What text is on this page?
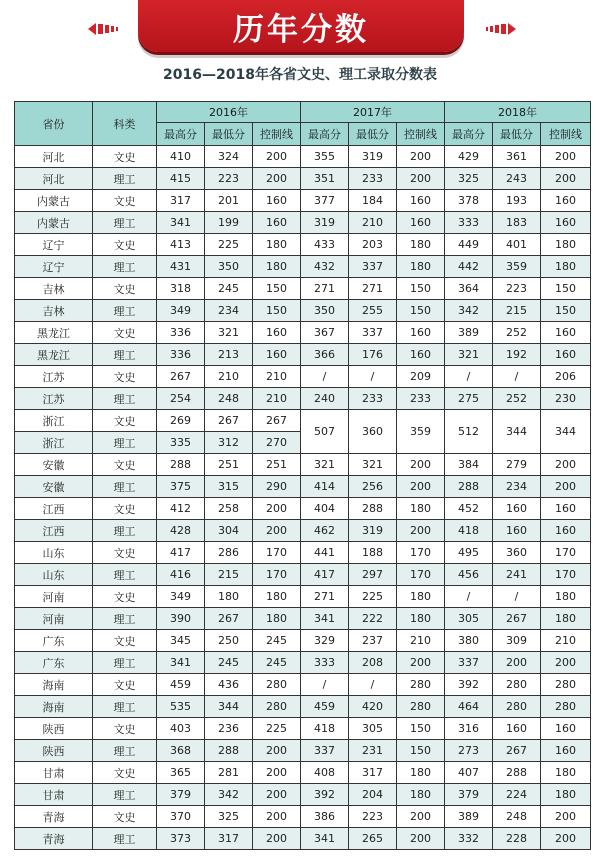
历年分数
2016—2018年各省文史、理工录取分数表
省份	科类	2016年			2017年			2018年		
		最高分	最低分	控制线	最高分	最低分	控制线	最高分	最低分	控制线
河北	文史	410	324	200	355	319	200	429	361	200
河北	理工	415	223	200	351	233	200	325	243	200
内蒙古	文史	317	201	160	377	184	160	378	193	160
内蒙古	理工	341	199	160	319	210	160	333	183	160
辽宁	文史	413	225	180	433	203	180	449	401	180
辽宁	理工	431	350	180	432	337	180	442	359	180
吉林	文史	318	245	150	271	271	150	364	223	150
吉林	理工	349	234	150	350	255	150	342	215	150
黑龙江	文史	336	321	160	367	337	160	389	252	160
黑龙江	理工	336	213	160	366	176	160	321	192	160
江苏	文史	267	210	210	/	/	209	/	/	206
江苏	理工	254	248	210	240	233	233	275	252	230
浙江	文史	269	267	267	507	360	359	512	344	344
浙江	理工	335	312	270						
安徽	文史	288	251	251	321	321	200	384	279	200
安徽	理工	375	315	290	414	256	200	288	234	200
江西	文史	412	258	200	404	288	180	452	160	160
江西	理工	428	304	200	462	319	200	418	160	160
山东	文史	417	286	170	441	188	170	495	360	170
山东	理工	416	215	170	417	297	170	456	241	170
河南	文史	349	180	180	271	225	180	/	/	180
河南	理工	390	267	180	341	222	180	305	267	180
广东	文史	345	250	245	329	237	210	380	309	210
广东	理工	341	245	245	333	208	200	337	200	200
海南	文史	459	436	280	/	/	280	392	280	280
海南	理工	535	344	280	459	420	280	464	280	280
陕西	文史	403	236	225	418	305	150	316	160	160
陕西	理工	368	288	200	337	231	150	273	267	160
甘肃	文史	365	281	200	408	317	180	407	288	180
甘肃	理工	379	342	200	392	204	180	379	224	180
青海	文史	370	325	200	386	223	200	389	248	200
青海	理工	373	317	200	341	265	200	332	228	200
